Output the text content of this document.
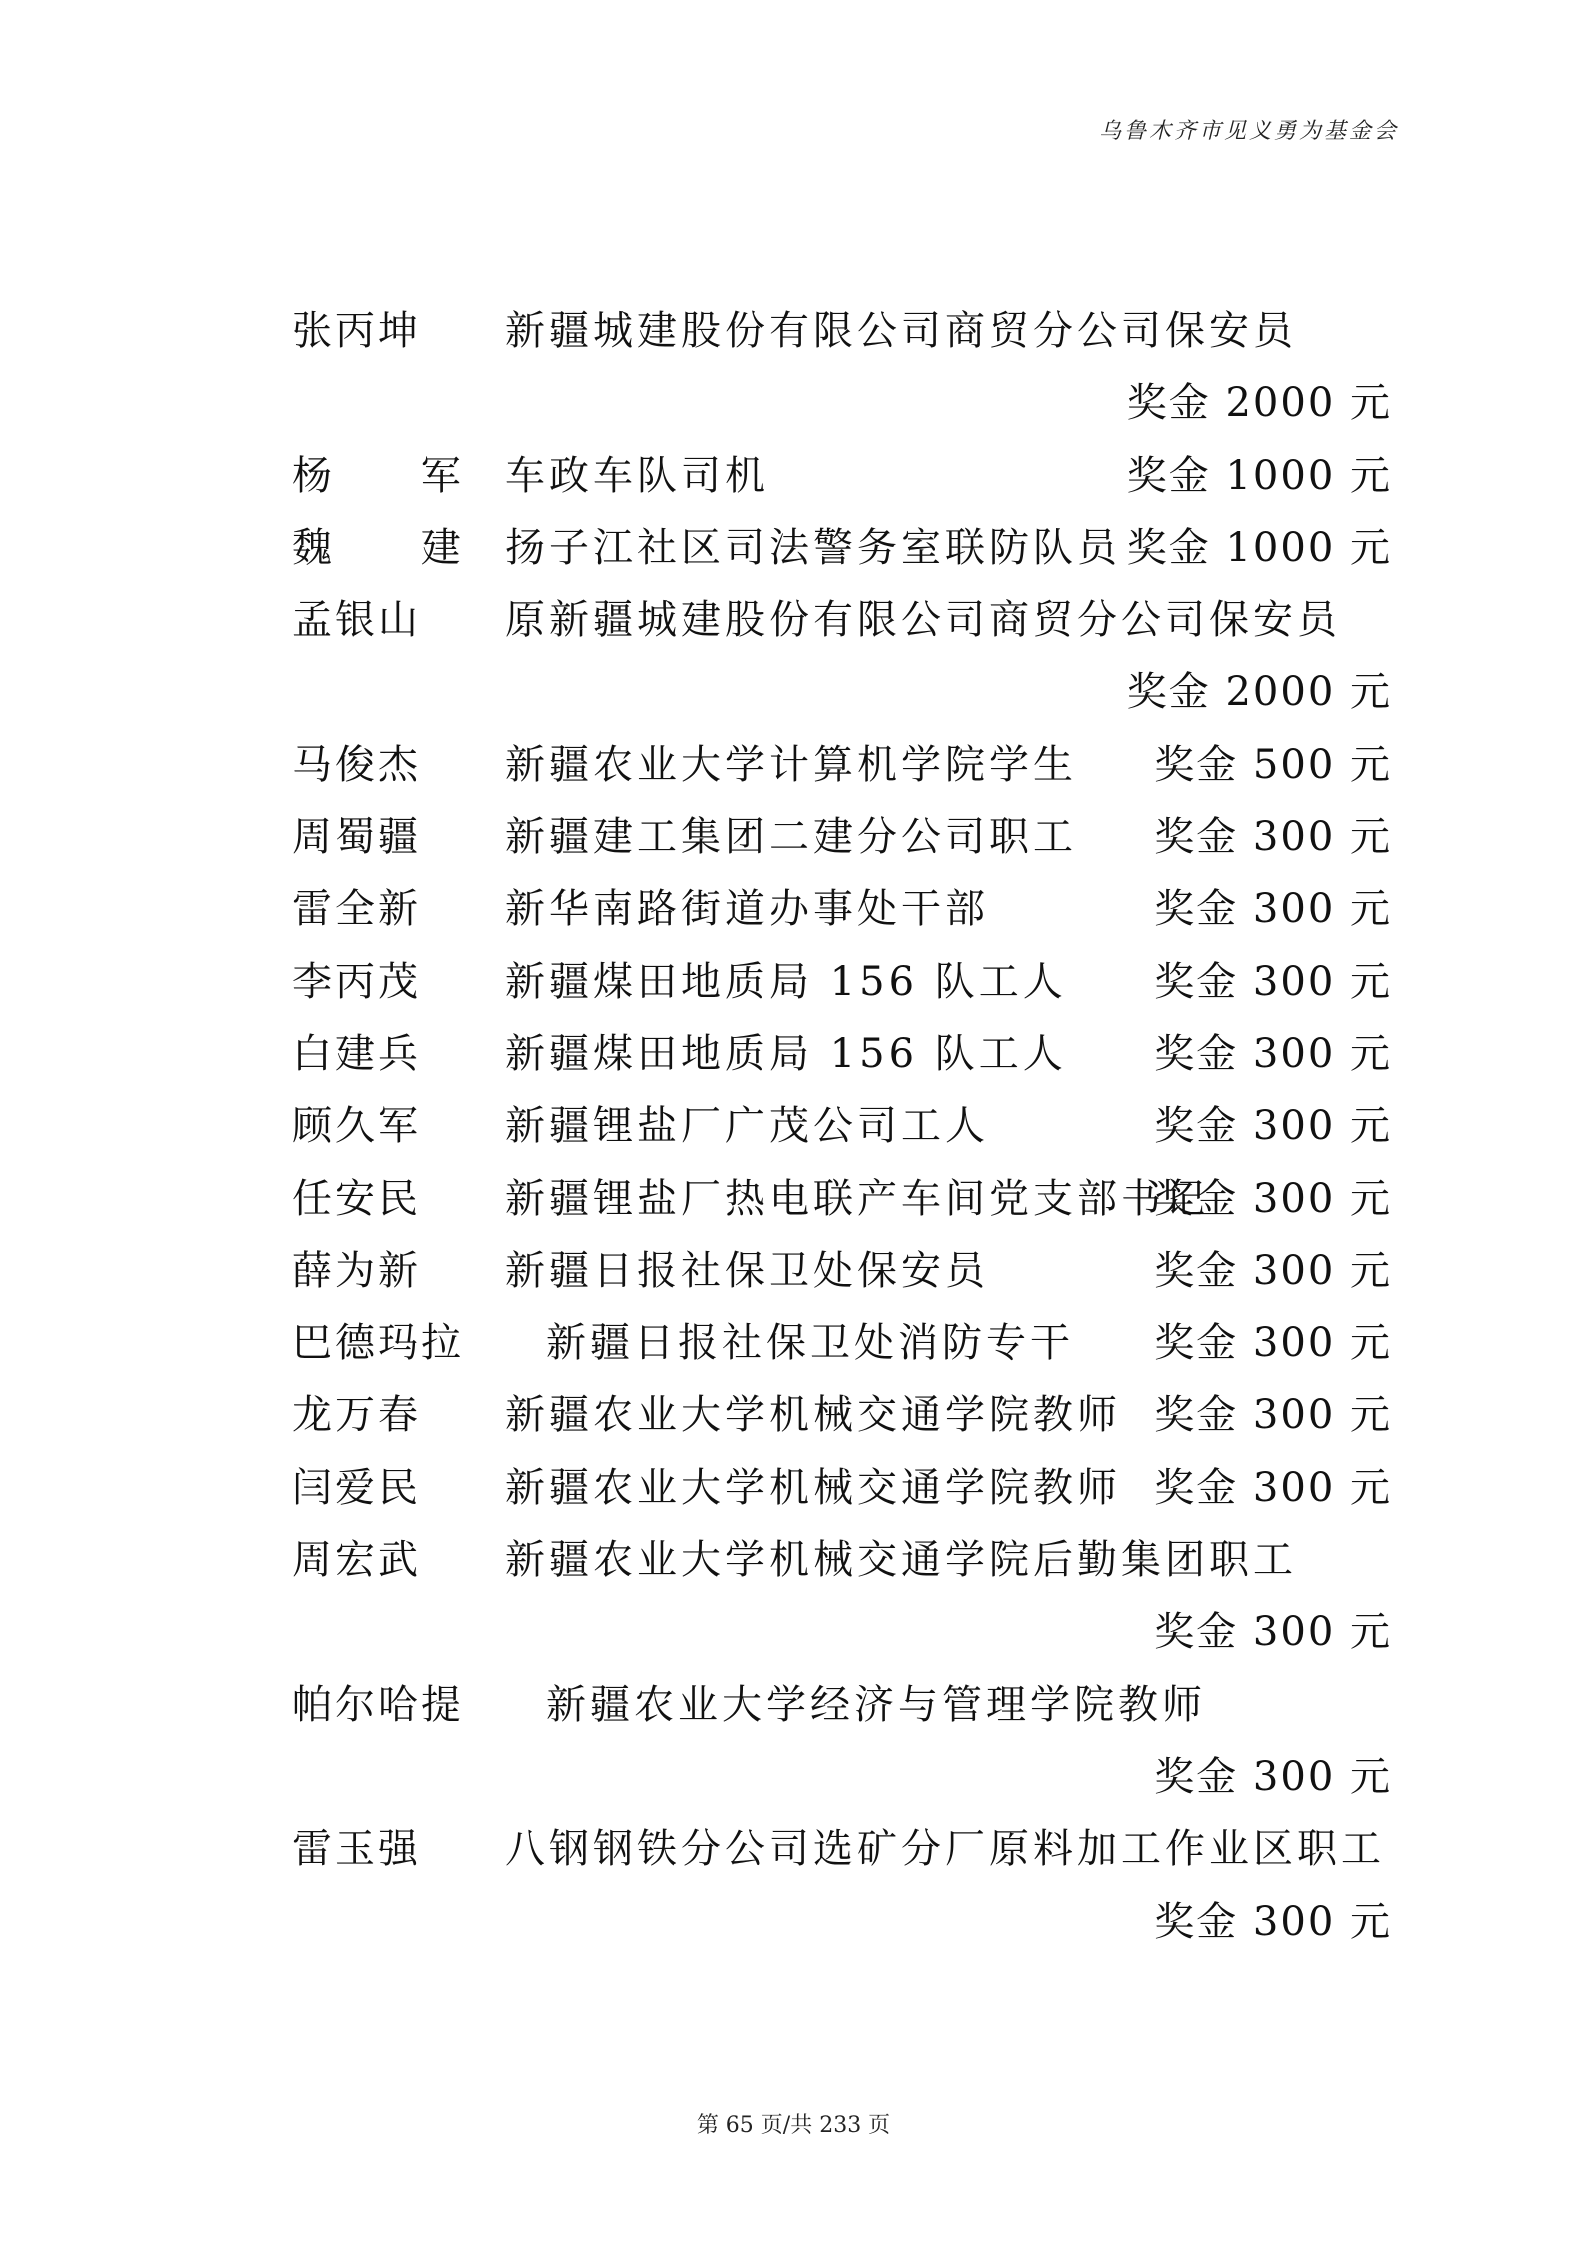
乌鲁木齐市见义勇为基金会
张丙坤 新疆城建股份有限公司商贸分公司保安员
奖金 2000 元
杨 军 车政车队司机	奖金 1000 元
魏 建 扬子江社区司法警务室联防队员 奖金 1000 元
孟银山 原新疆城建股份有限公司商贸分公司保安员
奖金 2000 元
马俊杰 新疆农业大学计算机学院学生 奖金 500 元
周蜀疆 新疆建工集团二建分公司职工 奖金 300 元
雷全新 新华南路街道办事处干部	奖金 300 元
李丙茂 新疆煤田地质局 156 队工人 奖金 300 元
白建兵 新疆煤田地质局 156 队工人 奖金 300 元
顾久军 新疆锂盐厂广茂公司工人	奖金 300 元
任安民 新疆锂盐厂热电联产车间党支部书记
奖金 300 元
薛为新 新疆日报社保卫处保安员	奖金 300 元
巴德玛拉 新疆日报社保卫处消防专干 奖金 300 元
龙万春 新疆农业大学机械交通学院教师 奖金 300 元
闫爱民 新疆农业大学机械交通学院教师 奖金 300 元
周宏武 新疆农业大学机械交通学院后勤集团职工
奖金 300 元
帕尔哈提 新疆农业大学经济与管理学院教师
奖金 300 元
雷玉强 八钢钢铁分公司选矿分厂原料加工作业区职工
奖金 300 元
第 65 页/共 233 页
